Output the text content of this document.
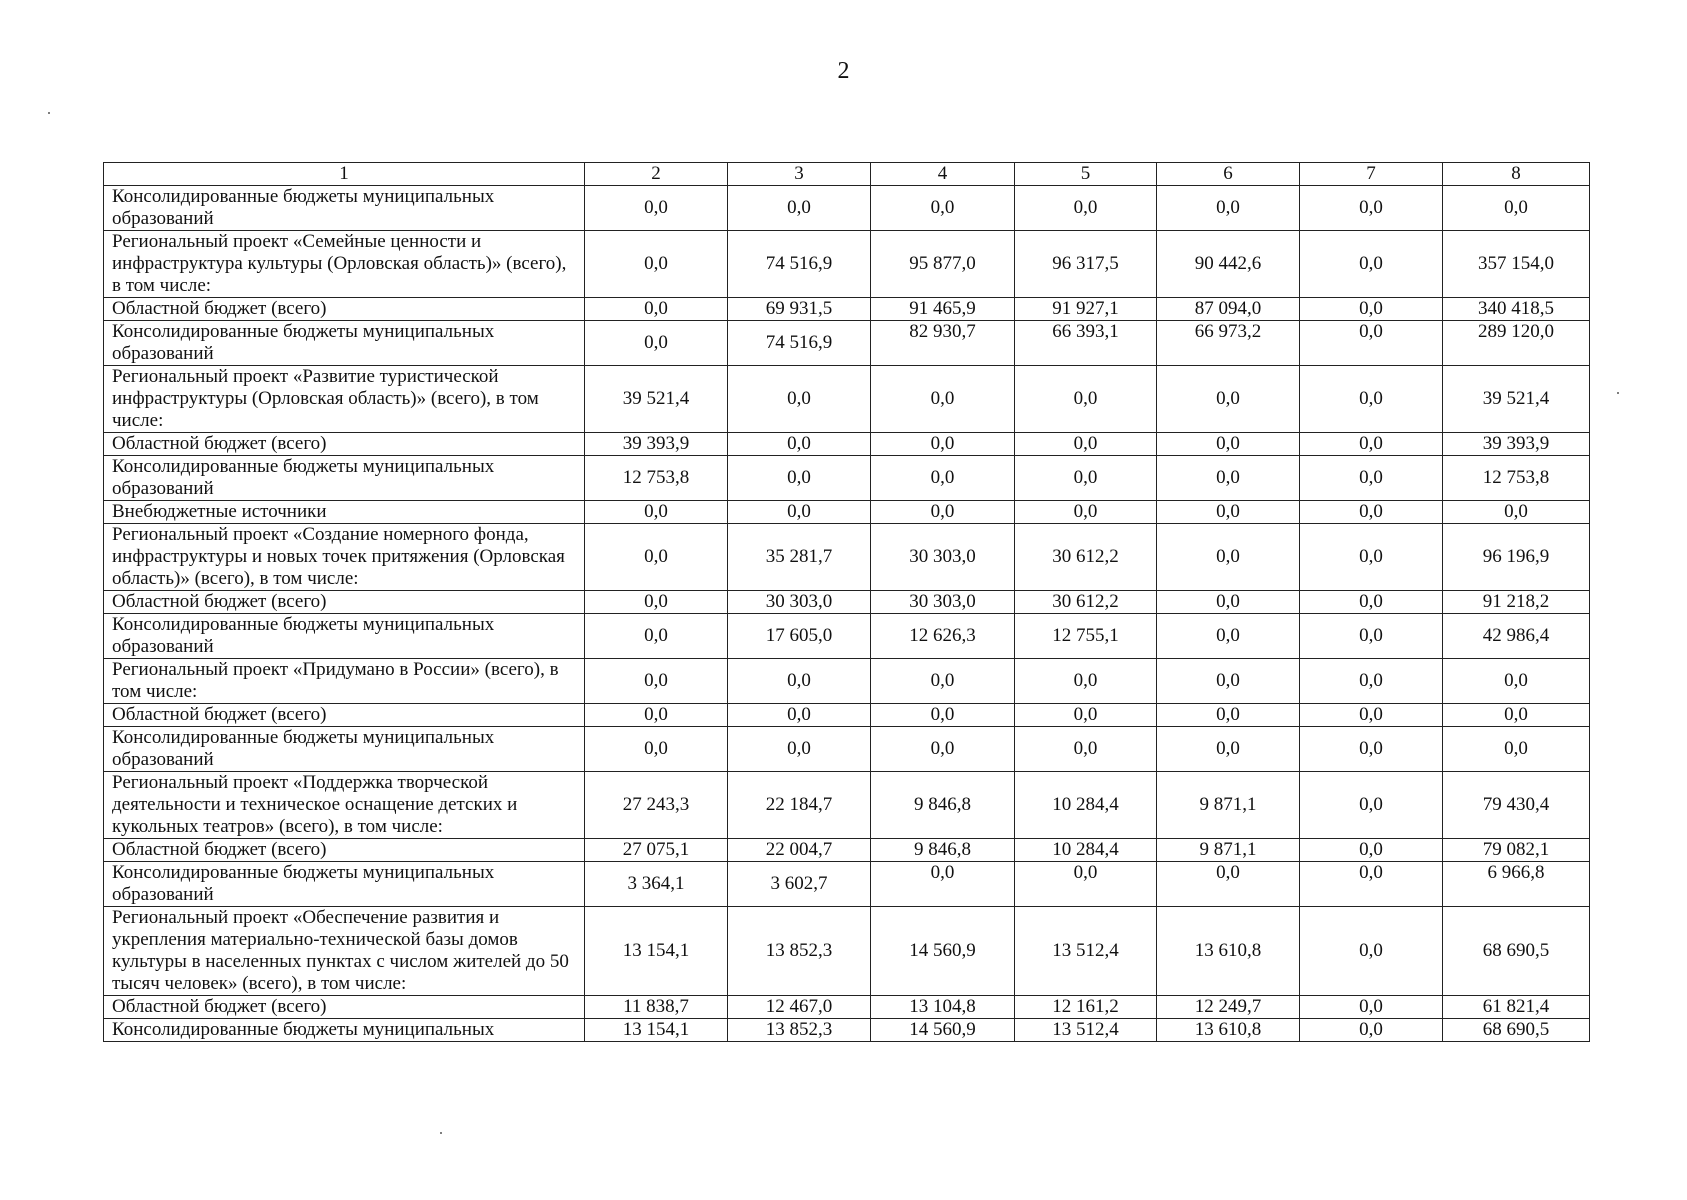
2
1	2	3	4	5	6	7	8
Консолидированные бюджеты муниципальных образований	0,0	0,0	0,0	0,0	0,0	0,0	0,0
Региональный проект «Семейные ценности и инфраструктура культуры (Орловская область)» (всего), в том числе:	0,0	74 516,9	95 877,0	96 317,5	90 442,6	0,0	357 154,0
Областной бюджет (всего)	0,0	69 931,5	91 465,9	91 927,1	87 094,0	0,0	340 418,5
Консолидированные бюджеты муниципальных образований	0,0	74 516,9	82 930,7	66 393,1	66 973,2	0,0	289 120,0
Региональный проект «Развитие туристической инфраструктуры (Орловская область)» (всего), в том числе:	39 521,4	0,0	0,0	0,0	0,0	0,0	39 521,4
Областной бюджет (всего)	39 393,9	0,0	0,0	0,0	0,0	0,0	39 393,9
Консолидированные бюджеты муниципальных образований	12 753,8	0,0	0,0	0,0	0,0	0,0	12 753,8
Внебюджетные источники	0,0	0,0	0,0	0,0	0,0	0,0	0,0
Региональный проект «Создание номерного фонда, инфраструктуры и новых точек притяжения (Орловская область)» (всего), в том числе:	0,0	35 281,7	30 303,0	30 612,2	0,0	0,0	96 196,9
Областной бюджет (всего)	0,0	30 303,0	30 303,0	30 612,2	0,0	0,0	91 218,2
Консолидированные бюджеты муниципальных образований	0,0	17 605,0	12 626,3	12 755,1	0,0	0,0	42 986,4
Региональный проект «Придумано в России» (всего), в том числе:	0,0	0,0	0,0	0,0	0,0	0,0	0,0
Областной бюджет (всего)	0,0	0,0	0,0	0,0	0,0	0,0	0,0
Консолидированные бюджеты муниципальных образований	0,0	0,0	0,0	0,0	0,0	0,0	0,0
Региональный проект «Поддержка творческой деятельности и техническое оснащение детских и кукольных театров» (всего), в том числе:	27 243,3	22 184,7	9 846,8	10 284,4	9 871,1	0,0	79 430,4
Областной бюджет (всего)	27 075,1	22 004,7	9 846,8	10 284,4	9 871,1	0,0	79 082,1
Консолидированные бюджеты муниципальных образований	3 364,1	3 602,7	0,0	0,0	0,0	0,0	6 966,8
Региональный проект «Обеспечение развития и укрепления материально-технической базы домов культуры в населенных пунктах с числом жителей до 50 тысяч человек» (всего), в том числе:	13 154,1	13 852,3	14 560,9	13 512,4	13 610,8	0,0	68 690,5
Областной бюджет (всего)	11 838,7	12 467,0	13 104,8	12 161,2	12 249,7	0,0	61 821,4
Консолидированные бюджеты муниципальных	13 154,1	13 852,3	14 560,9	13 512,4	13 610,8	0,0	68 690,5
